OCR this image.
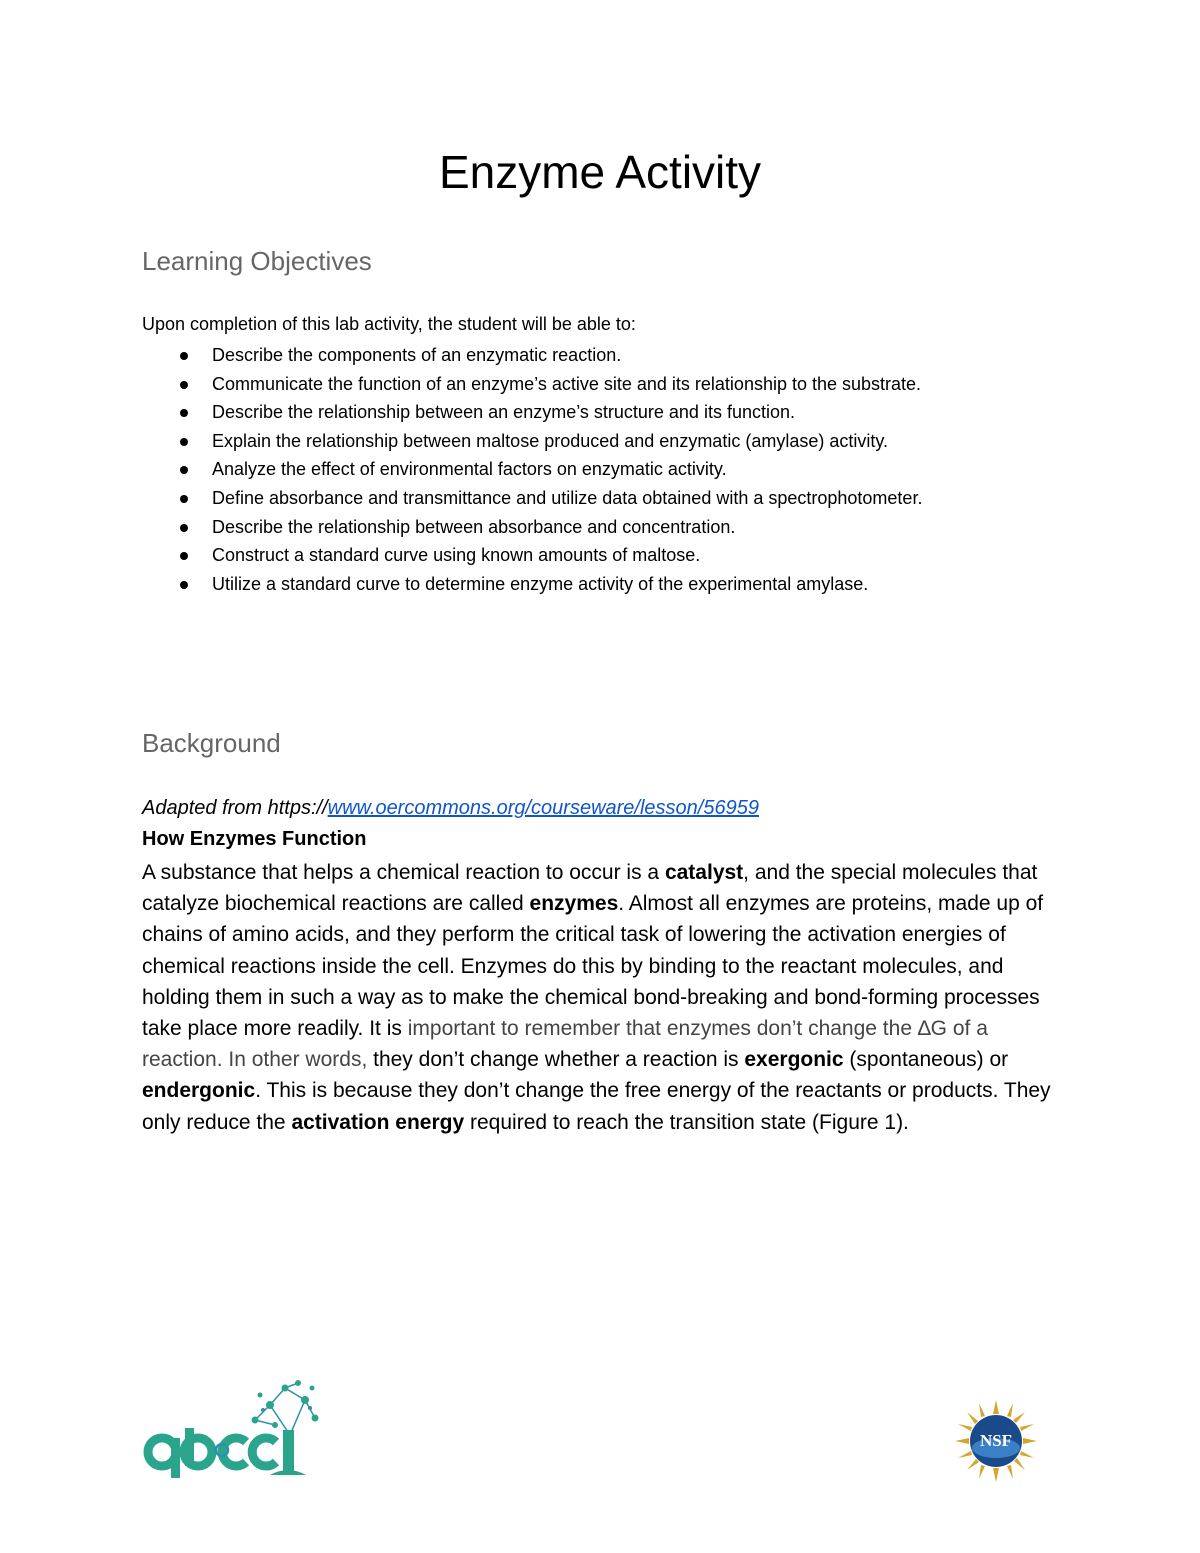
Enzyme Activity
Learning Objectives

Upon completion of this lab activity, the student will be able to:

Describe the components of an enzymatic reaction.
Communicate the function of an enzyme’s active site and its relationship to the substrate.
Describe the relationship between an enzyme’s structure and its function.
Explain the relationship between maltose produced and enzymatic (amylase) activity.
Analyze the effect of environmental factors on enzymatic activity.
Define absorbance and transmittance and utilize data obtained with a spectrophotometer.
Describe the relationship between absorbance and concentration.
Construct a standard curve using known amounts of maltose.
Utilize a standard curve to determine enzyme activity of the experimental amylase.
Background

Adapted from https://www.oercommons.org/courseware/lesson/56959

How Enzymes Function

A substance that helps a chemical reaction to occur is a catalyst, and the special molecules that catalyze biochemical reactions are called enzymes. Almost all enzymes are proteins, made up of chains of amino acids, and they perform the critical task of lowering the activation energies of chemical reactions inside the cell. Enzymes do this by binding to the reactant molecules, and holding them in such a way as to make the chemical bond-breaking and bond-forming processes take place more readily. It is important to remember that enzymes don’t change the ∆G of a reaction. In other words, they don’t change whether a reaction is exergonic (spontaneous) or endergonic. This is because they don’t change the free energy of the reactants or products. They only reduce the activation energy required to reach the transition state (Figure 1).

NSF
